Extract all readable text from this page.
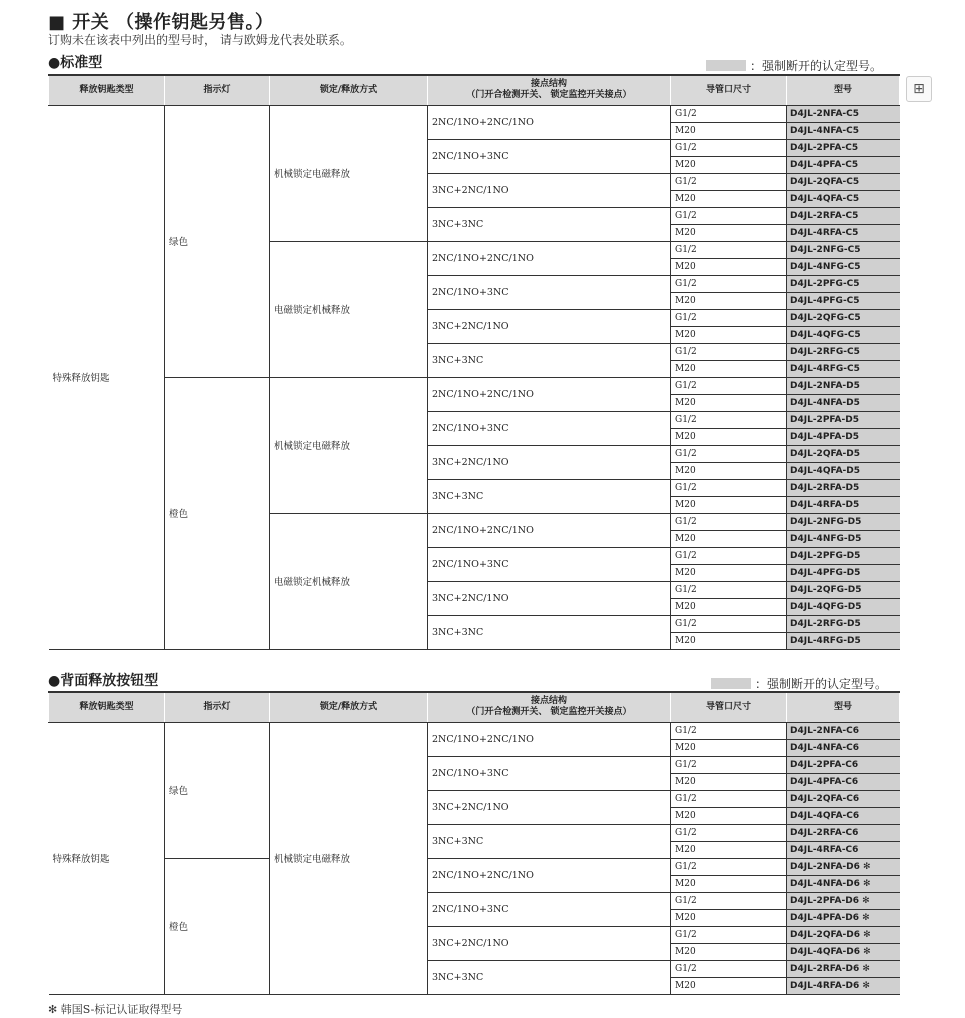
■ 开关 （操作钥匙另售。）
订购未在该表中列出的型号时， 请与欧姆龙代表处联系。
●标准型	：强制断开的认定型号。
⊞
释放钥匙类型	指示灯	锁定/释放方式	接点结构
（门开合检测开关、 锁定监控开关接点）	导管口尺寸	型号
特殊释放钥匙	绿色	机械锁定电磁释放	2NC/1NO+2NC/1NO	G1/2	D4JL-2NFA-C5
				M20	D4JL-4NFA-C5
			2NC/1NO+3NC	G1/2	D4JL-2PFA-C5
				M20	D4JL-4PFA-C5
			3NC+2NC/1NO	G1/2	D4JL-2QFA-C5
				M20	D4JL-4QFA-C5
			3NC+3NC	G1/2	D4JL-2RFA-C5
				M20	D4JL-4RFA-C5
		电磁锁定机械释放	2NC/1NO+2NC/1NO	G1/2	D4JL-2NFG-C5
				M20	D4JL-4NFG-C5
			2NC/1NO+3NC	G1/2	D4JL-2PFG-C5
				M20	D4JL-4PFG-C5
			3NC+2NC/1NO	G1/2	D4JL-2QFG-C5
				M20	D4JL-4QFG-C5
			3NC+3NC	G1/2	D4JL-2RFG-C5
				M20	D4JL-4RFG-C5
	橙色	机械锁定电磁释放	2NC/1NO+2NC/1NO	G1/2	D4JL-2NFA-D5
				M20	D4JL-4NFA-D5
			2NC/1NO+3NC	G1/2	D4JL-2PFA-D5
				M20	D4JL-4PFA-D5
			3NC+2NC/1NO	G1/2	D4JL-2QFA-D5
				M20	D4JL-4QFA-D5
			3NC+3NC	G1/2	D4JL-2RFA-D5
				M20	D4JL-4RFA-D5
		电磁锁定机械释放	2NC/1NO+2NC/1NO	G1/2	D4JL-2NFG-D5
				M20	D4JL-4NFG-D5
			2NC/1NO+3NC	G1/2	D4JL-2PFG-D5
				M20	D4JL-4PFG-D5
			3NC+2NC/1NO	G1/2	D4JL-2QFG-D5
				M20	D4JL-4QFG-D5
			3NC+3NC	G1/2	D4JL-2RFG-D5
				M20	D4JL-4RFG-D5
●背面释放按钮型	：强制断开的认定型号。
释放钥匙类型	指示灯	锁定/释放方式	接点结构
（门开合检测开关、 锁定监控开关接点）	导管口尺寸	型号
特殊释放钥匙	绿色	机械锁定电磁释放	2NC/1NO+2NC/1NO	G1/2	D4JL-2NFA-C6
				M20	D4JL-4NFA-C6
			2NC/1NO+3NC	G1/2	D4JL-2PFA-C6
				M20	D4JL-4PFA-C6
			3NC+2NC/1NO	G1/2	D4JL-2QFA-C6
				M20	D4JL-4QFA-C6
			3NC+3NC	G1/2	D4JL-2RFA-C6
				M20	D4JL-4RFA-C6
	橙色		2NC/1NO+2NC/1NO	G1/2	D4JL-2NFA-D6 ✻
				M20	D4JL-4NFA-D6 ✻
			2NC/1NO+3NC	G1/2	D4JL-2PFA-D6 ✻
				M20	D4JL-4PFA-D6 ✻
			3NC+2NC/1NO	G1/2	D4JL-2QFA-D6 ✻
				M20	D4JL-4QFA-D6 ✻
			3NC+3NC	G1/2	D4JL-2RFA-D6 ✻
				M20	D4JL-4RFA-D6 ✻
✻ 韩国S-标记认证取得型号
